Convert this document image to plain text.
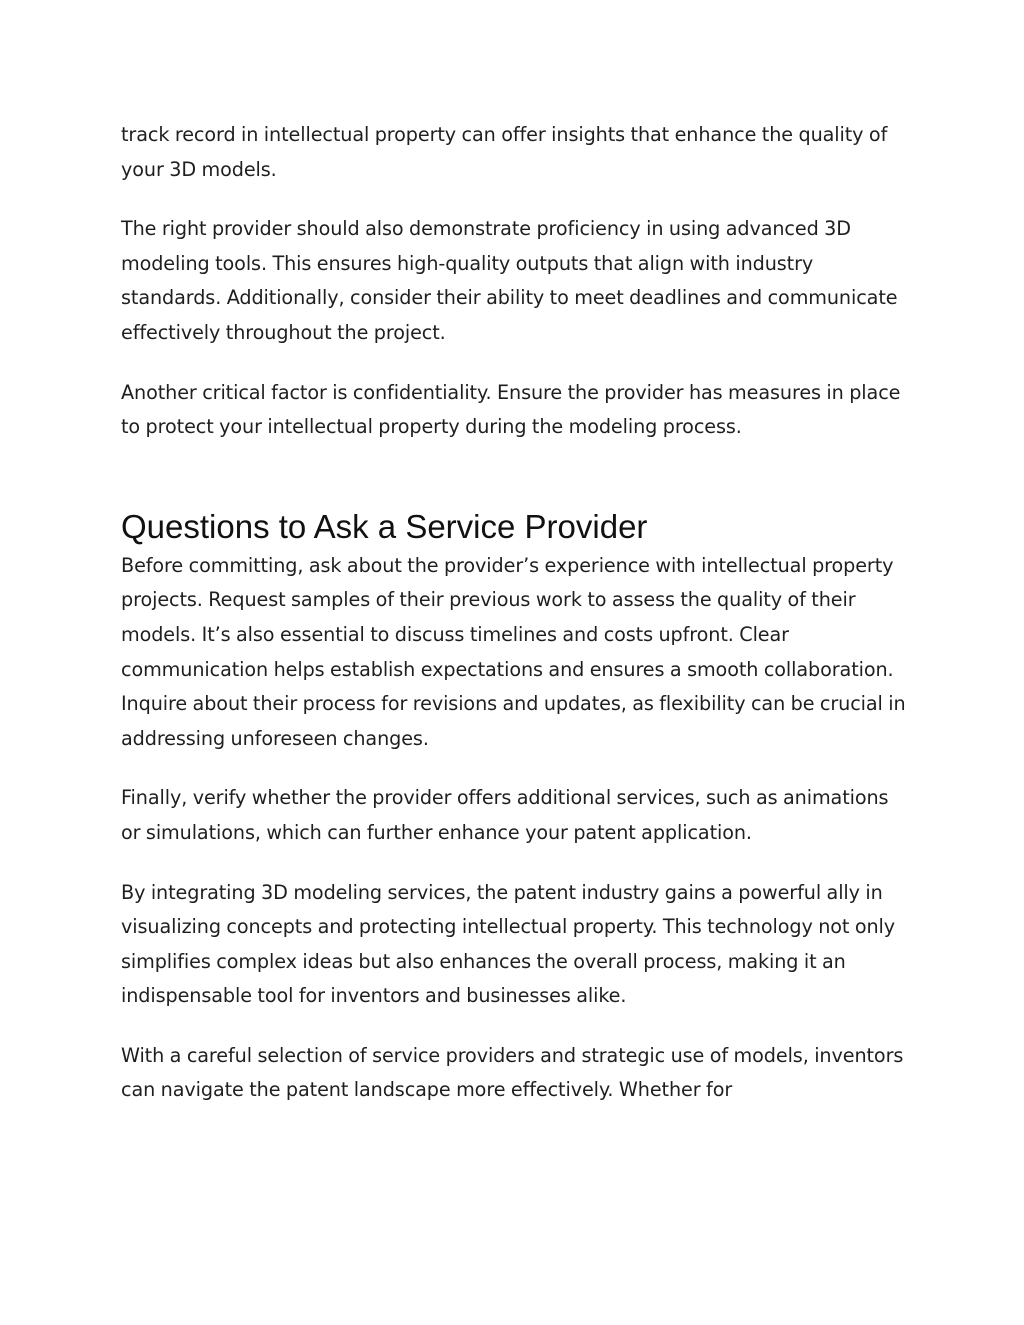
track record in intellectual property can offer insights that enhance the quality of your 3D models.

The right provider should also demonstrate proficiency in using advanced 3D modeling tools. This ensures high-quality outputs that align with industry standards. Additionally, consider their ability to meet deadlines and communicate effectively throughout the project.

Another critical factor is confidentiality. Ensure the provider has measures in place to protect your intellectual property during the modeling process.

Questions to Ask a Service Provider

Before committing, ask about the provider’s experience with intellectual property projects. Request samples of their previous work to assess the quality of their models. It’s also essential to discuss timelines and costs upfront. Clear communication helps establish expectations and ensures a smooth collaboration. Inquire about their process for revisions and updates, as flexibility can be crucial in addressing unforeseen changes.

Finally, verify whether the provider offers additional services, such as animations or simulations, which can further enhance your patent application.

By integrating 3D modeling services, the patent industry gains a powerful ally in visualizing concepts and protecting intellectual property. This technology not only simplifies complex ideas but also enhances the overall process, making it an indispensable tool for inventors and businesses alike.

With a careful selection of service providers and strategic use of models, inventors can navigate the patent landscape more effectively. Whether for
